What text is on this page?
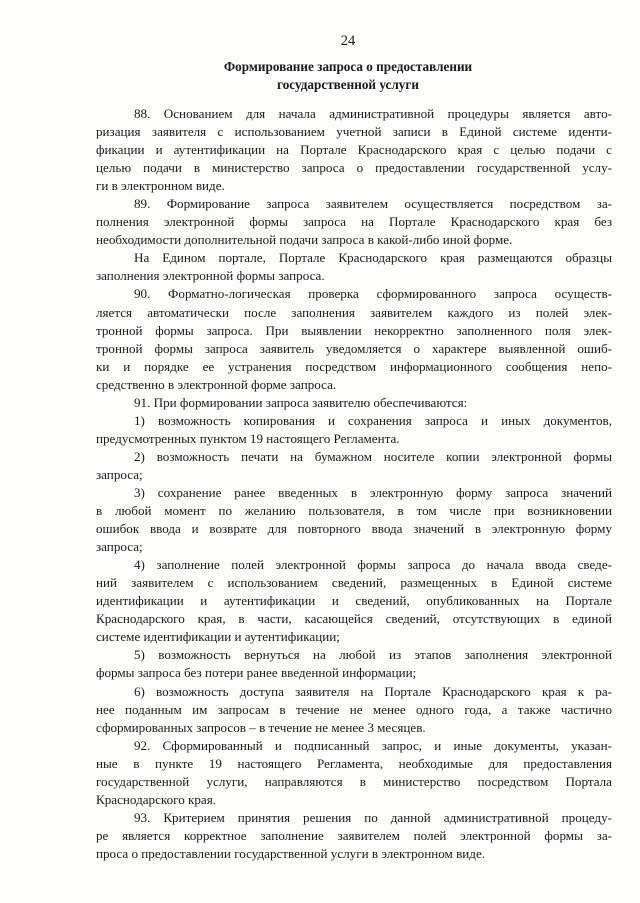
24
Формирование запроса о предоставлении
государственной услуги
88. Основанием для начала административной процедуры является авто-
ризация заявителя с использованием учетной записи в Единой системе иденти-
фикации и аутентификации на Портале Краснодарского края с целью подачи с
целью подачи в министерство запроса о предоставлении государственной услу-
ги в электронном виде.
89. Формирование запроса заявителем осуществляется посредством за-
полнения электронной формы запроса на Портале Краснодарского края без
необходимости дополнительной подачи запроса в какой-либо иной форме.
На Едином портале, Портале Краснодарского края размещаются образцы
заполнения электронной формы запроса.
90. Форматно-логическая проверка сформированного запроса осуществ-
ляется автоматически после заполнения заявителем каждого из полей элек-
тронной формы запроса. При выявлении некорректно заполненного поля элек-
тронной формы запроса заявитель уведомляется о характере выявленной ошиб-
ки и порядке ее устранения посредством информационного сообщения непо-
средственно в электронной форме запроса.
91. При формировании запроса заявителю обеспечиваются:
1) возможность копирования и сохранения запроса и иных документов,
предусмотренных пунктом 19 настоящего Регламента.
2) возможность печати на бумажном носителе копии электронной формы
запроса;
3) сохранение ранее введенных в электронную форму запроса значений
в любой момент по желанию пользователя, в том числе при возникновении
ошибок ввода и возврате для повторного ввода значений в электронную форму
запроса;
4) заполнение полей электронной формы запроса до начала ввода сведе-
ний заявителем с использованием сведений, размещенных в Единой системе
идентификации и аутентификации и сведений, опубликованных на Портале
Краснодарского края, в части, касающейся сведений, отсутствующих в единой
системе идентификации и аутентификации;
5) возможность вернуться на любой из этапов заполнения электронной
формы запроса без потери ранее введенной информации;
6) возможность доступа заявителя на Портале Краснодарского края к ра-
нее поданным им запросам в течение не менее одного года, а также частично
сформированных запросов – в течение не менее 3 месяцев.
92. Сформированный и подписанный запрос, и иные документы, указан-
ные в пункте 19 настоящего Регламента, необходимые для предоставления
государственной услуги, направляются в министерство посредством Портала
Краснодарского края.
93. Критерием принятия решения по данной административной процеду-
ре является корректное заполнение заявителем полей электронной формы за-
проса о предоставлении государственной услуги в электронном виде.
